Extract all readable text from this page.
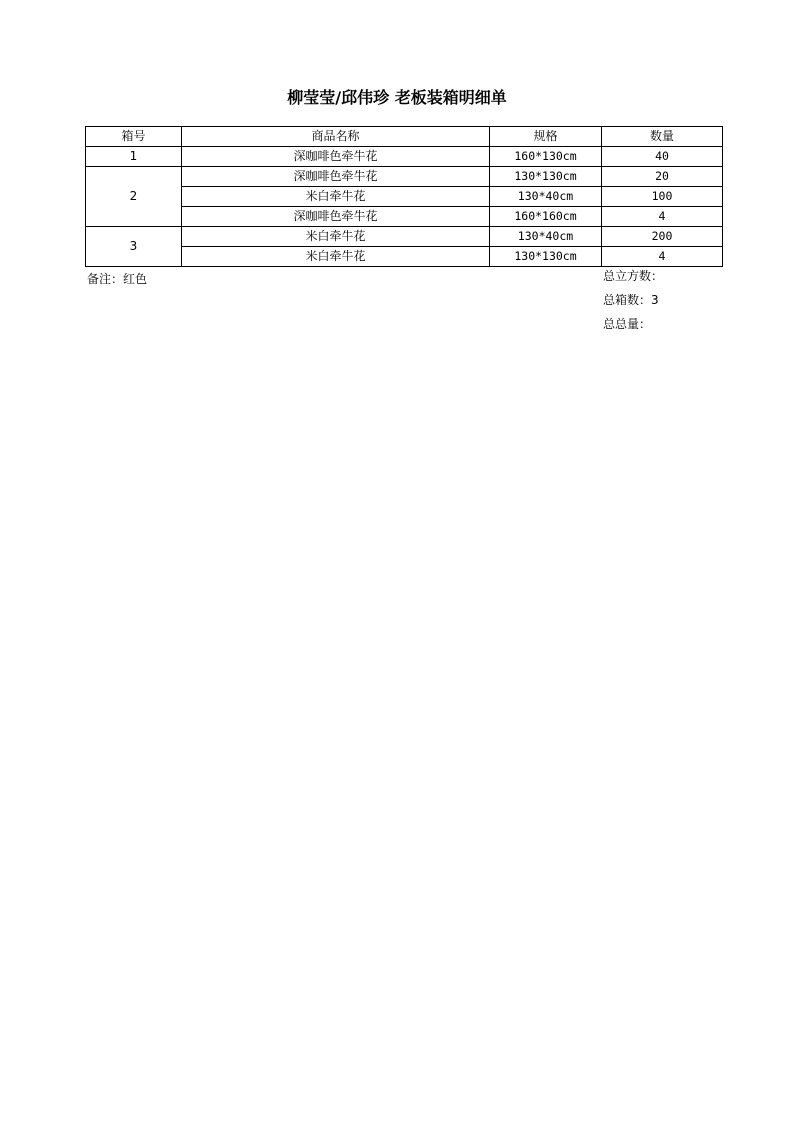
柳莹莹/邱伟珍 老板装箱明细单
箱号	商品名称	规格	数量
1	深咖啡色牵牛花	160*130cm	40
2	深咖啡色牵牛花	130*130cm	20
	米白牵牛花	130*40cm	100
	深咖啡色牵牛花	160*160cm	4
3	米白牵牛花	130*40cm	200
	米白牵牛花	130*130cm	4
备注：红色	总立方数：
总箱数：3
总总量：
